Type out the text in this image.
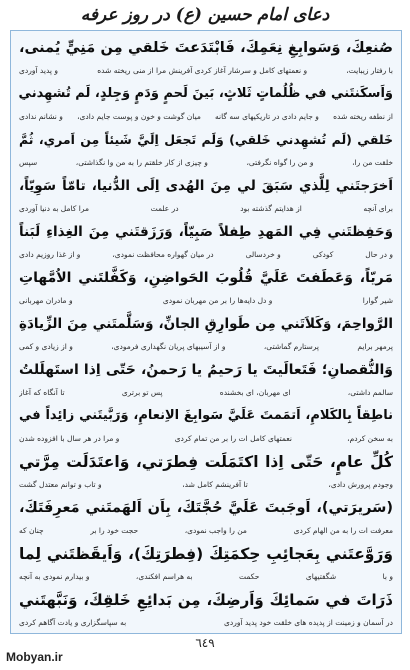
دعای امام حسین (ع) در روز عرفه
صُنعِكَ، وَسَوابِغِ نِعَمِكَ، فَابْتَدَعتَ خَلقي مِن مَنِيٍّ يُمنى،
با رفتار زیبایت،
و نعمتهای کامل و سرشار آغاز کردی آفرینش مرا از منی ریخته شده
و پدید آوردی
وَاَسكَنتَني في ظُلُماتٍ ثَلاثٍ، بَينَ لَحمٍ وَدَمٍ وَجِلدٍ، لَم تُشهِدني
از نطفه ریخته شده
و جایم دادی در تاریکیهای سه گانه
میان گوشت و خون و پوست جایم دادی،
و نشانم ندادی
خَلقي (لَم تُشهِدني خَلقي) وَلَم تَجعَل اِلَيَّ شَيئاً مِن اَمري، ثُمَّ
خلقت من را،
و من را گواه نگرفتی،
و چیزی از کار خلقتم را به من وا نگذاشتی،
سپس
اَخرَجتَني لِلَّذي سَبَقَ لي مِنَ الهُدى اِلَى الدُّنيا، تامّاً سَوِيّاً،
برای آنچه
از هدایتم گذشته بود
در علمت
مرا کامل به دنیا آوردی
وَحَفِظتَني فِي المَهدِ طِفلاً صَبِيّاً، وَرَزَقتَني مِنَ الغِذاءِ لَبَناً
و در حال
کودکی
و خردسالی
در میان گهواره محافظت نمودی،
و از غذا روزیم دادی
مَريّاً، وَعَطَفتَ عَلَيَّ قُلُوبَ الحَواضِنِ، وَكَفَّلتَني الاُمَّهاتِ
شیر گوارا
و دل دایه‌ها را بر من مهربان نمودی
و مادران مهربانی
الرَّواحِمَ، وَكَلاَتَني مِن طَوارِقِ الجانِّ، وَسَلَّمتَني مِنَ الزِّيادَةِ
پرمهر برایم
پرستارم گماشتی،
و از آسیبهای پریان نگهداری فرمودی،
و از زیادی و کمی
وَالنُّقصانِ؛ فَتَعالَيتَ يا رَحيمُ يا رَحمنُ، حَتّى اِذا استَهلَلتُ
سالمم داشتی،
ای مهربان، ای بخشنده
پس تو برتری
تا آنگاه که آغاز
ناطِقاً بِالكَلامِ، اَتمَمتَ عَلَيَّ سَوابِغَ الاِنعامِ، وَرَبَّيتَني زائِداً في
به سخن کردم،
نعمتهای کامل ات را بر من تمام کردی
و مرا در هر سال با افزوده شدن
كُلِّ عامٍ، حَتّى اِذا اكتَمَلَت فِطرَتي، وَاعتَدَلَت مِرَّتي
وجودم پرورش دادی،
تا آفرینشم کامل شد،
و تاب و توانم معتدل گشت
(سَريرَتي)، اَوجَبتَ عَلَيَّ حُجَّتَكَ، بِاَن اَلهَمتَني مَعرِفَتَكَ،
معرفت ات را به من الهام کردی
من را واجب نمودی،
حجت خود را بر
چنان که
وَرَوَّعتَني بِعَجائِبِ حِكمَتِكَ (فِطرَتِكَ)، وَاَيقَظتَني لِما
و با
شگفتیهای
حکمت
به هراسم افکندی،
و بیدارم نمودی به آنچه
ذَرَاتَ في سَمائِكَ وَاَرضِكَ، مِن بَدائِعِ خَلقِكَ، وَنَبَّهتَني
در آسمان و زمینت از پدیده های خلقت خود پدید آوردی
به سپاسگزاری و یادت آگاهم کردی
٦٤٩
Mobyan.ir
